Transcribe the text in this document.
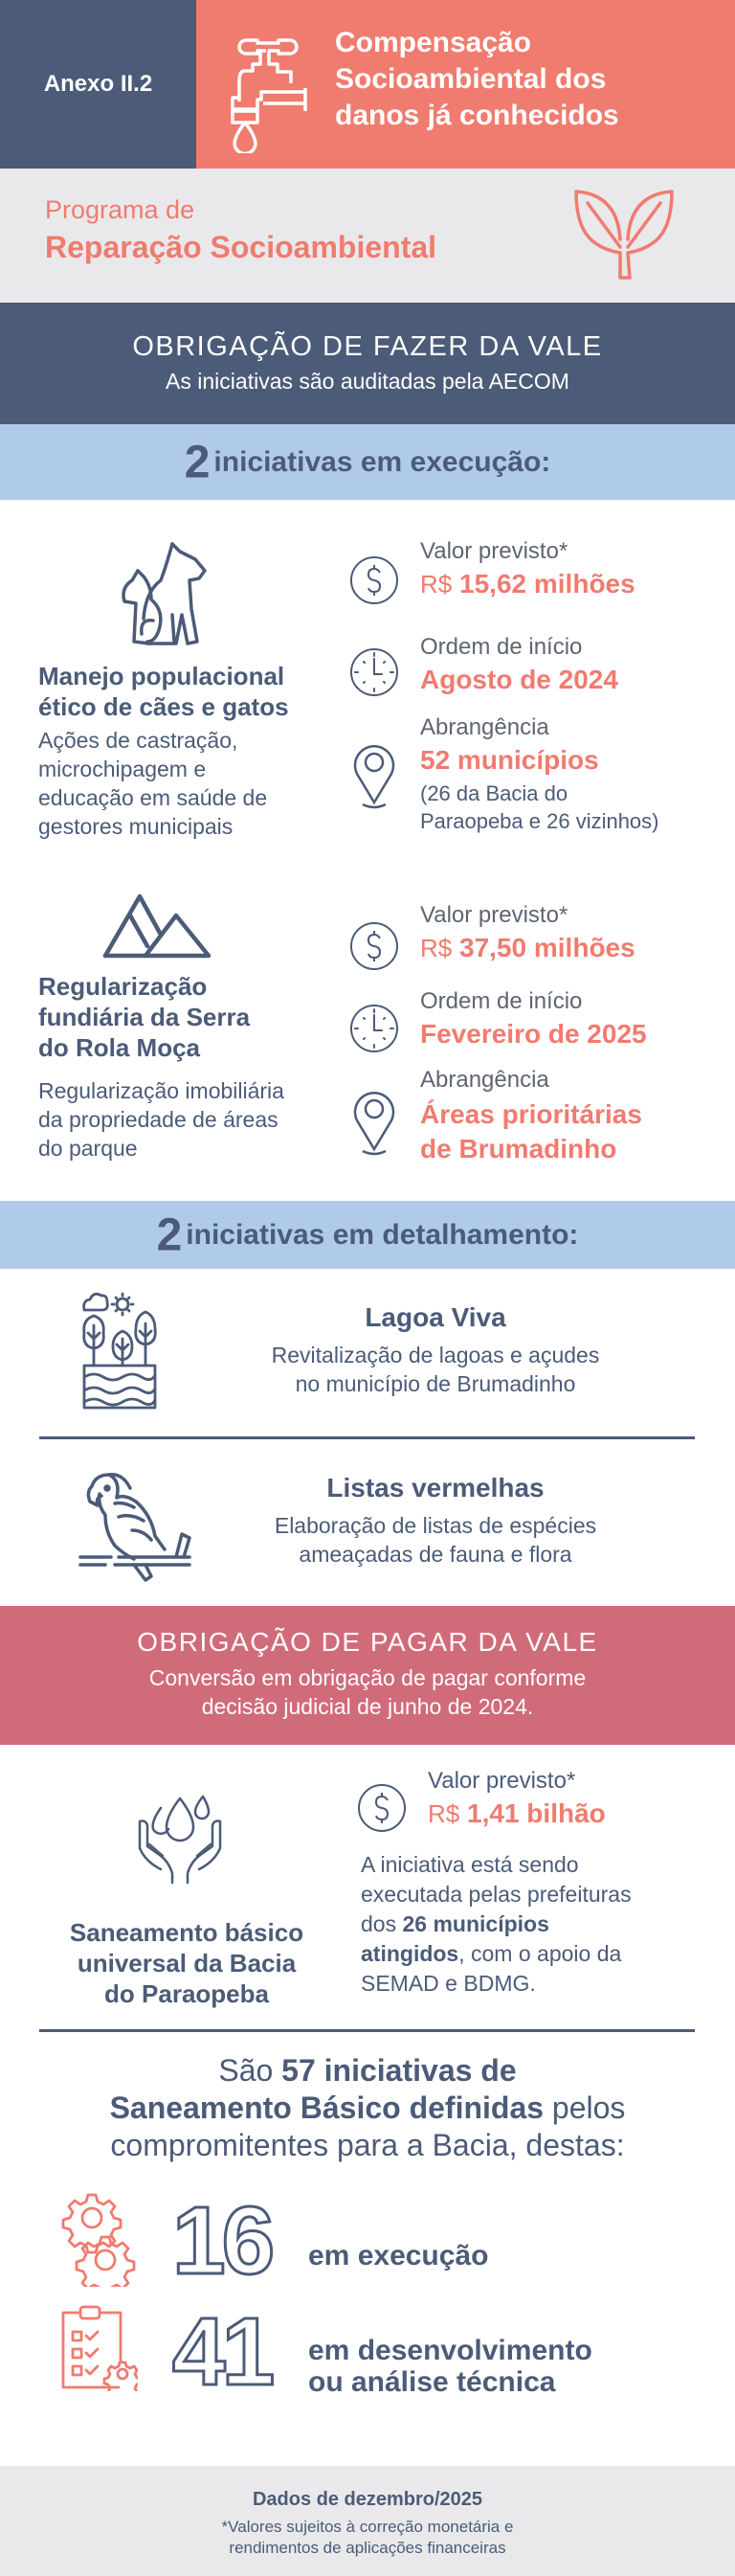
Anexo II.2
Compensação
Socioambiental dos
danos já conhecidos
Programa de
Reparação Socioambiental
OBRIGAÇÃO DE FAZER DA VALE
As iniciativas são auditadas pela AECOM
2 iniciativas em execução:
Manejo populacional
ético de cães e gatos
Ações de castração,
microchipagem e
educação em saúde de
gestores municipais
Valor previsto*
R$ 15,62 milhões
Ordem de início
Agosto de 2024
Abrangência
52 municípios
(26 da Bacia do
Paraopeba e 26 vizinhos)
Regularização
fundiária da Serra
do Rola Moça
Regularização imobiliária
da propriedade de áreas
do parque
Valor previsto*
R$ 37,50 milhões
Ordem de início
Fevereiro de 2025
Abrangência
Áreas prioritárias
de Brumadinho
2 iniciativas em detalhamento:
Lagoa Viva
Revitalização de lagoas e açudes
no município de Brumadinho
Listas vermelhas
Elaboração de listas de espécies
ameaçadas de fauna e flora
OBRIGAÇÃO DE PAGAR DA VALE
Conversão em obrigação de pagar conforme
decisão judicial de junho de 2024.
Saneamento básico
universal da Bacia
do Paraopeba
Valor previsto*
R$ 1,41 bilhão
A iniciativa está sendo
executada pelas prefeituras
dos 26 municípios
atingidos, com o apoio da
SEMAD e BDMG.
São 57 iniciativas de
Saneamento Básico definidas pelos
compromitentes para a Bacia, destas:
16 em execução
41 em desenvolvimento
ou análise técnica
Dados de dezembro/2025
*Valores sujeitos à correção monetária e
rendimentos de aplicações financeiras
